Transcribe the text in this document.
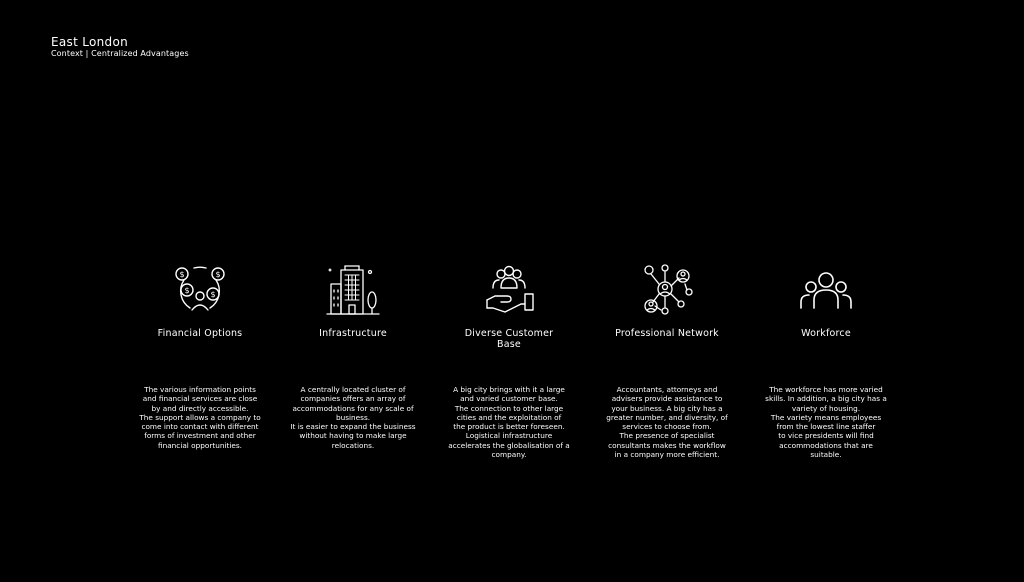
East London
Context | Centralized Advantages
$	$
$	$
Financial Options
The various information points
and financial services are close
by and directly accessible.
The support allows a company to
come into contact with different
forms of investment and other
financial opportunities.
Infrastructure
A centrally located cluster of
companies offers an array of
accommodations for any scale of
business.
It is easier to expand the business
without having to make large
relocations.
Diverse Customer
Base
A big city brings with it a large
and varied customer base.
The connection to other large
cities and the exploitation of
the product is better foreseen.
Logistical infrastructure
accelerates the globalisation of a
company.
Professional Network
Accountants, attorneys and
advisers provide assistance to
your business. A big city has a
greater number, and diversity, of
services to choose from.
The presence of specialist
consultants makes the workflow
in a company more efficient.
Workforce
The workforce has more varied
skills. In addition, a big city has a
variety of housing.
The variety means employees
from the lowest line staffer
to vice presidents will find
accommodations that are
suitable.
